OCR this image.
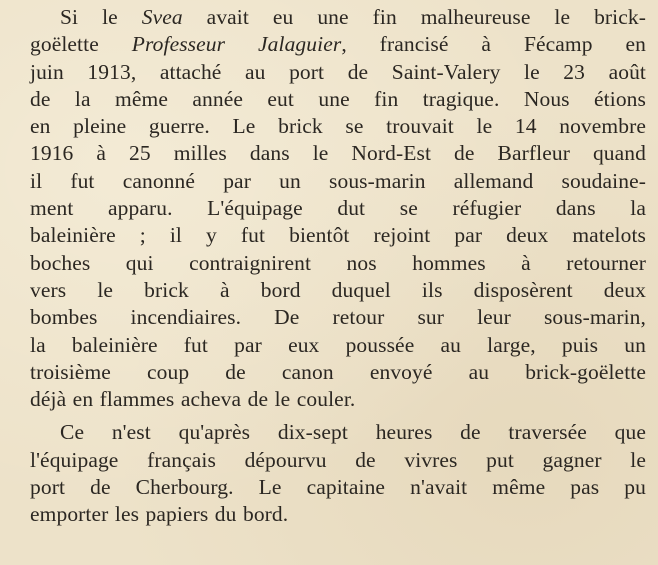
Si le Svea avait eu une fin malheureuse le brick-
goëlette Professeur Jalaguier, francisé à Fécamp en
juin 1913, attaché au port de Saint-Valery le 23 août
de la même année eut une fin tragique. Nous étions
en pleine guerre. Le brick se trouvait le 14 novembre
1916 à 25 milles dans le Nord-Est de Barfleur quand
il fut canonné par un sous-marin allemand soudaine-
ment apparu. L'équipage dut se réfugier dans la
baleinière ; il y fut bientôt rejoint par deux matelots
boches qui contraignirent nos hommes à retourner
vers le brick à bord duquel ils disposèrent deux
bombes incendiaires. De retour sur leur sous-marin,
la baleinière fut par eux poussée au large, puis un
troisième coup de canon envoyé au brick-goëlette
déjà en flammes acheva de le couler.
Ce n'est qu'après dix-sept heures de traversée que
l'équipage français dépourvu de vivres put gagner le
port de Cherbourg. Le capitaine n'avait même pas pu
emporter les papiers du bord.
